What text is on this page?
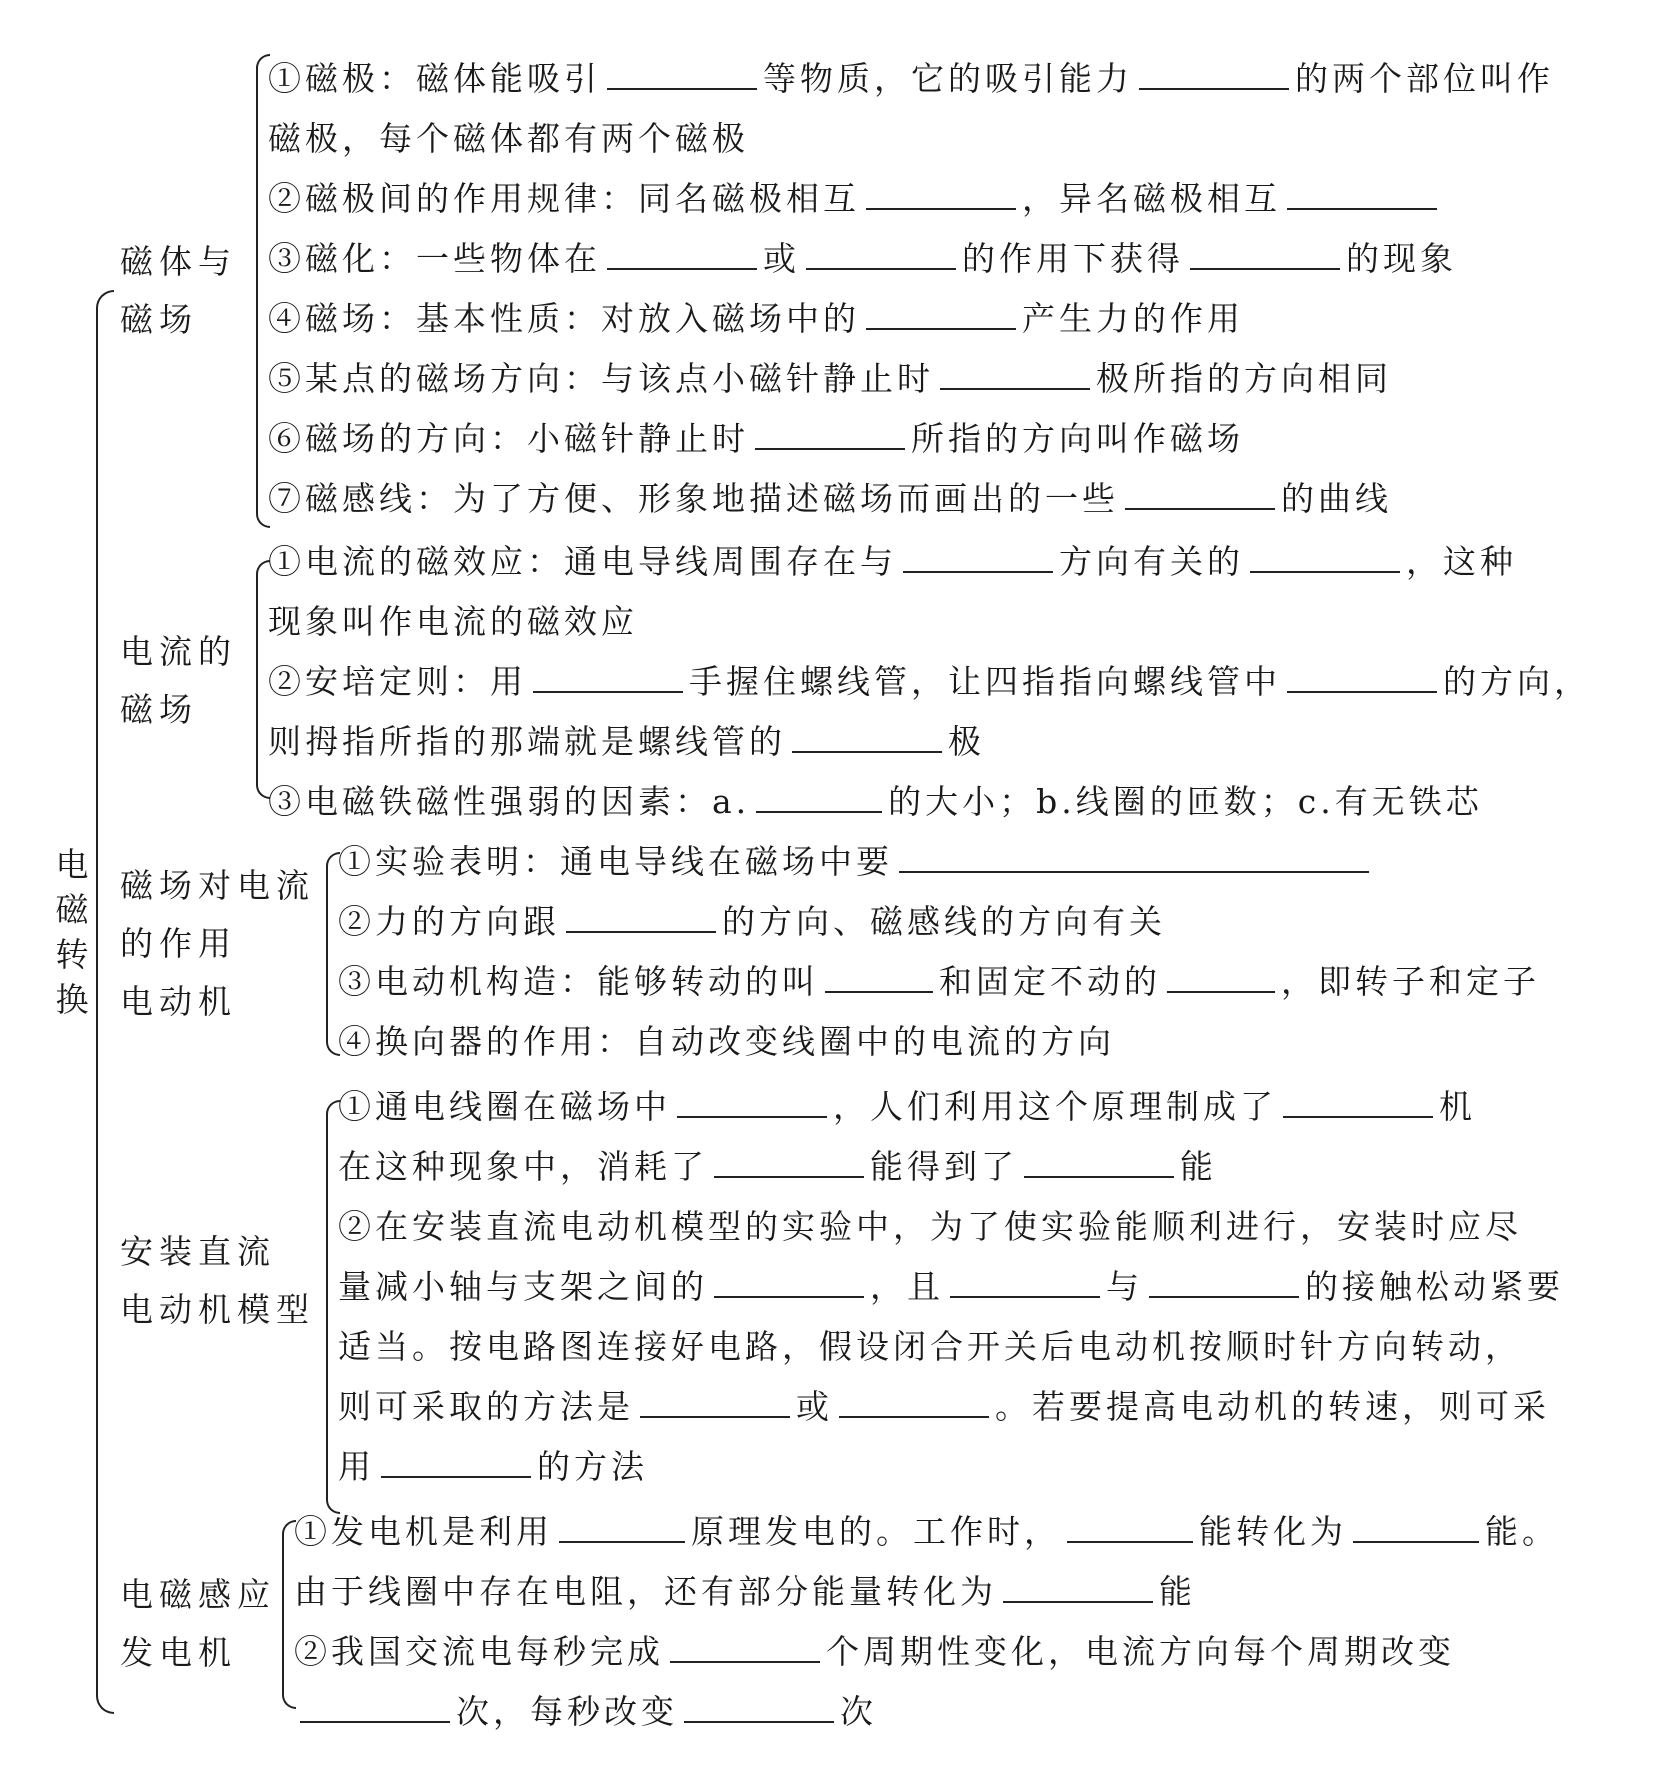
电
磁
转
换
磁体与
磁场
①磁极：磁体能吸引	等物质，它的吸引能力	的两个部位叫作
磁极，每个磁体都有两个磁极
②磁极间的作用规律：同名磁极相互	，异名磁极相互
③磁化：一些物体在	或	的作用下获得	的现象
④磁场：基本性质：对放入磁场中的	产生力的作用
⑤某点的磁场方向：与该点小磁针静止时	极所指的方向相同
⑥磁场的方向：小磁针静止时	所指的方向叫作磁场
⑦磁感线：为了方便、形象地描述磁场而画出的一些	的曲线
电流的
磁场
①电流的磁效应：通电导线周围存在与	方向有关的	，这种
现象叫作电流的磁效应
②安培定则：用	手握住螺线管，让四指指向螺线管中	的方向，
则拇指所指的那端就是螺线管的	极
③电磁铁磁性强弱的因素：a.	的大小；b.线圈的匝数；c.有无铁芯
磁场对电流
的作用
电动机
①实验表明：通电导线在磁场中要
②力的方向跟	的方向、磁感线的方向有关
③电动机构造：能够转动的叫	和固定不动的	，即转子和定子
④换向器的作用：自动改变线圈中的电流的方向
安装直流
电动机模型
①通电线圈在磁场中	，人们利用这个原理制成了	机
在这种现象中，消耗了	能得到了	能
②在安装直流电动机模型的实验中，为了使实验能顺利进行，安装时应尽
量减小轴与支架之间的	，且	与	的接触松动紧要
适当。按电路图连接好电路，假设闭合开关后电动机按顺时针方向转动，
则可采取的方法是	或	。若要提高电动机的转速，则可采
用	的方法
电磁感应
发电机
①发电机是利用	原理发电的。工作时，	能转化为	能。
由于线圈中存在电阻，还有部分能量转化为	能
②我国交流电每秒完成	个周期性变化，电流方向每个周期改变
次，每秒改变	次
